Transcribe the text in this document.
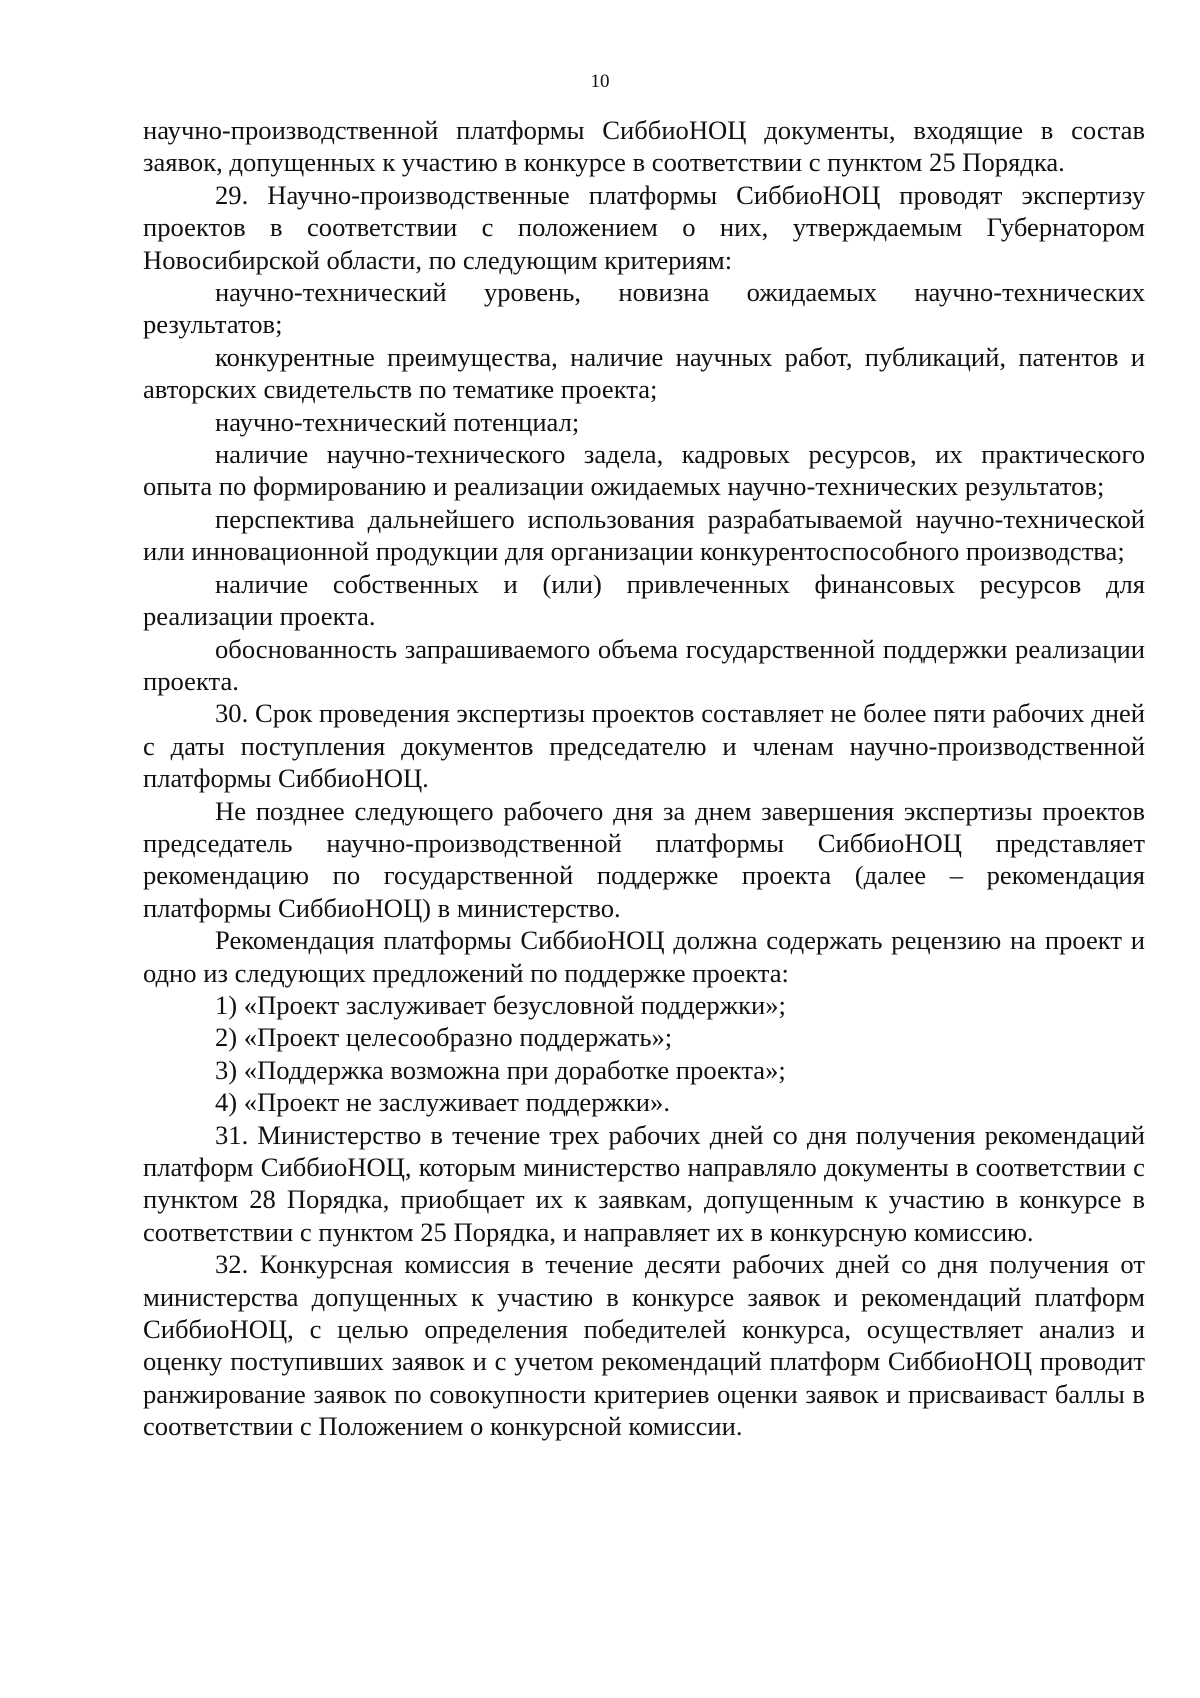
10

научно-производственной платформы СиббиоНОЦ документы, входящие в состав заявок, допущенных к участию в конкурсе в соответствии с пунктом 25 Порядка.

29. Научно-производственные платформы СиббиоНОЦ проводят экспертизу проектов в соответствии с положением о них, утверждаемым Губернатором Новосибирской области, по следующим критериям:

научно-технический уровень, новизна ожидаемых научно-технических результатов;

конкурентные преимущества, наличие научных работ, публикаций, патентов и авторских свидетельств по тематике проекта;

научно-технический потенциал;

наличие научно-технического задела, кадровых ресурсов, их практического опыта по формированию и реализации ожидаемых научно-технических результатов;

перспектива дальнейшего использования разрабатываемой научно-технической или инновационной продукции для организации конкурентоспособного производства;

наличие собственных и (или) привлеченных финансовых ресурсов для реализации проекта.

обоснованность запрашиваемого объема государственной поддержки реализации проекта.

30. Срок проведения экспертизы проектов составляет не более пяти рабочих дней с даты поступления документов председателю и членам научно-производственной платформы СиббиоНОЦ.

Не позднее следующего рабочего дня за днем завершения экспертизы проектов председатель научно-производственной платформы СиббиоНОЦ представляет рекомендацию по государственной поддержке проекта (далее – рекомендация платформы СиббиоНОЦ) в министерство.

Рекомендация платформы СиббиоНОЦ должна содержать рецензию на проект и одно из следующих предложений по поддержке проекта:

1) «Проект заслуживает безусловной поддержки»;

2) «Проект целесообразно поддержать»;

3) «Поддержка возможна при доработке проекта»;

4) «Проект не заслуживает поддержки».

31. Министерство в течение трех рабочих дней со дня получения рекомендаций платформ СиббиоНОЦ, которым министерство направляло документы в соответствии с пунктом 28 Порядка, приобщает их к заявкам, допущенным к участию в конкурсе в соответствии с пунктом 25 Порядка, и направляет их в конкурсную комиссию.

32. Конкурсная комиссия в течение десяти рабочих дней со дня получения от министерства допущенных к участию в конкурсе заявок и рекомендаций платформ СиббиоНОЦ, с целью определения победителей конкурса, осуществляет анализ и оценку поступивших заявок и с учетом рекомендаций платформ СиббиоНОЦ проводит ранжирование заявок по совокупности критериев оценки заявок и присваиваст баллы в соответствии с Положением о конкурсной комиссии.
